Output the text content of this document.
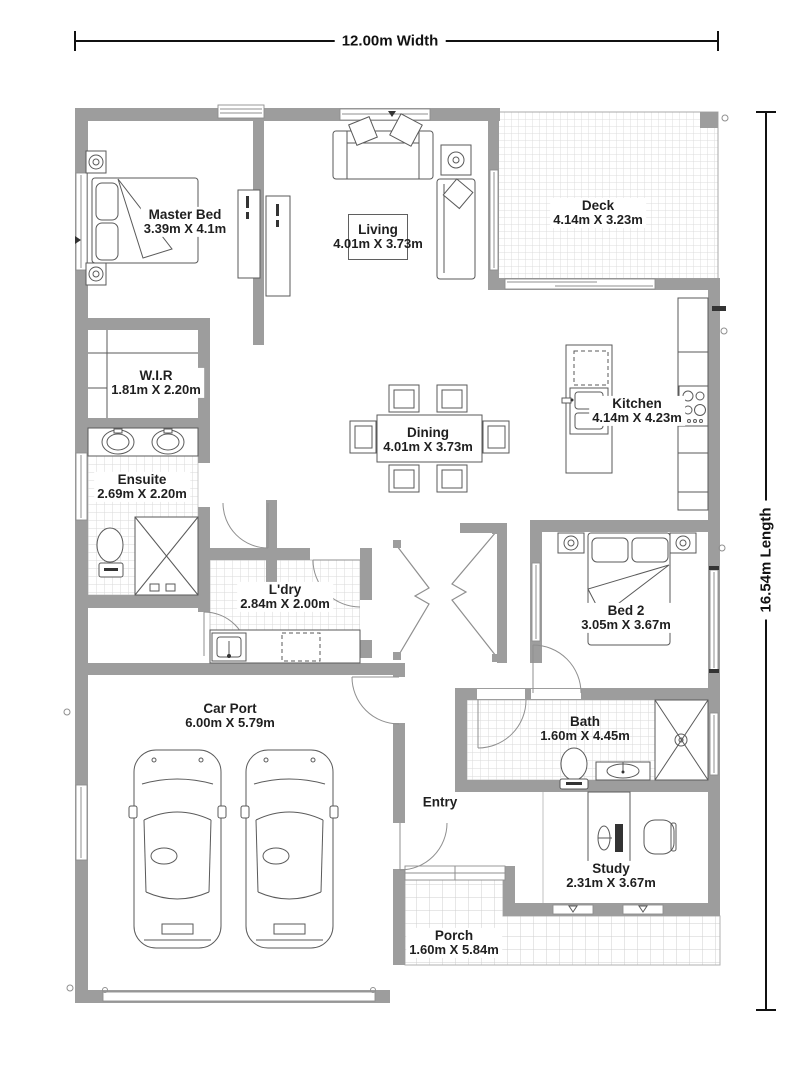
12.00m Width
16.54m Length
Master Bed
3.39m X 4.1m	Living
4.01m X 3.73m
Deck
4.14m X 3.23m
W.I.R
1.81m X 2.20m
Kitchen
4.14m X 4.23m
Dining
4.01m X 3.73m
Ensuite
2.69m X 2.20m
L'dry
2.84m X 2.00m	Bed 2
3.05m X 3.67m
Car Port
6.00m X 5.79m	Bath
1.60m X 4.45m
Entry
Study
2.31m X 3.67m
Porch
1.60m X 5.84m
